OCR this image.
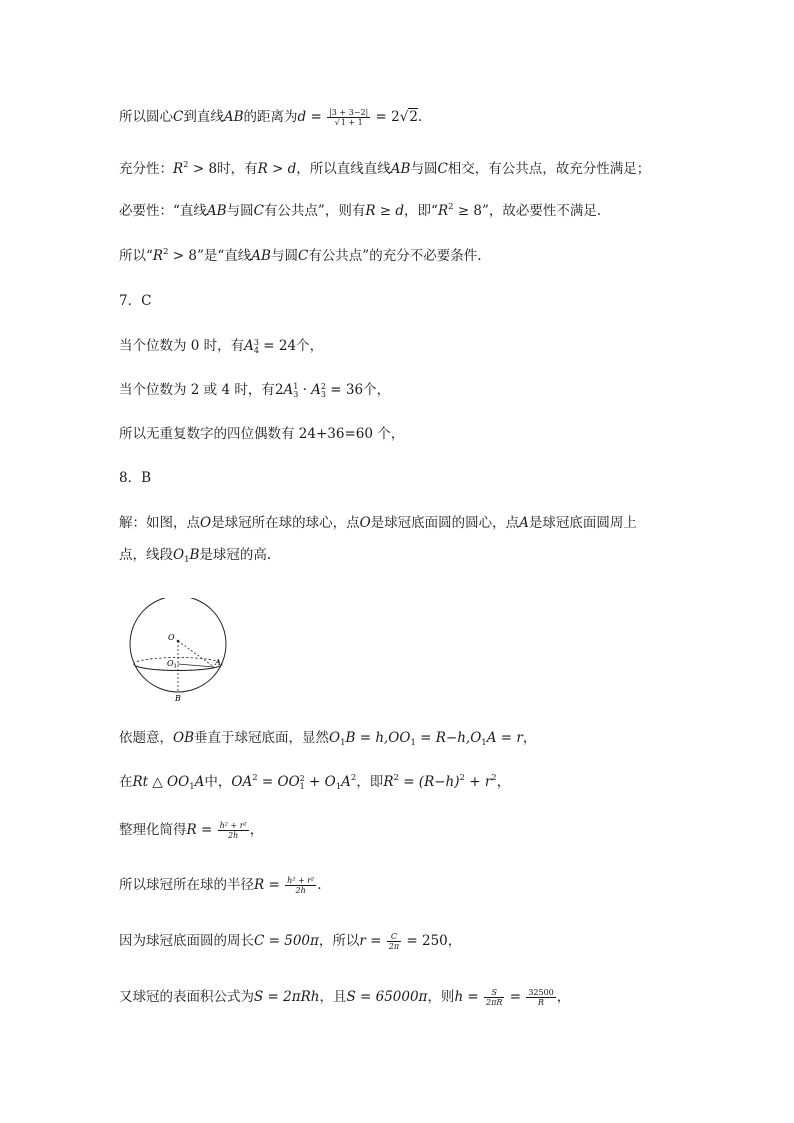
所以圆心C到直线AB的距离为$d = \frac{|3 + 3-2|}{√1 + 1} = 2√2$.
充分性：$R^2 > 8$时，有R > d，所以直线直线AB与圆C相交，有公共点，故充分性满足；
必要性：“直线AB与圆C有公共点”，则有R ≥ d，即“$R^2 \ge 8$”，故必要性不满足.
所以“$R^2 > 8$”是“直线AB与圆C有公共点”的充分不必要条件.
7．C
当个位数为 0 时，有A 3
4 = 24个，
当个位数为 2 或 4 时，有2A 1
3 · A 2
3 = 36个，
所以无重复数字的四位偶数有 24+36=60 个，
8．B
解：如图，点O是球冠所在球的球心，点O是球冠底面圆的圆心，点A是球冠底面圆周上
点，线段$O_1B$是球冠的高.
O
O1	A
B
依题意，OB垂直于球冠底面，显然$O_1B = h,OO_1 = R-h,O_1A = r$，
在Rt △ $OO_1A$中，$OA^2$ = OO 2
$1 + O_1A^2$，即$R^2 = (R-h)^2 + r^2$，
整理化简得$R = \frac{\text{h² + r²}}{2h}$ ，
所以球冠所在球的半径$R = \frac{\text{h² + r²}}{2h}$ .
因为球冠底面圆的周长C = 500π，所以$r = \frac{C}{2\pi} = 250$，
又球冠的表面积公式为S = 2πRh，且S = 65000π，则$h = \frac{S}{2\pi R} = \frac{32500}{R}$ ，
